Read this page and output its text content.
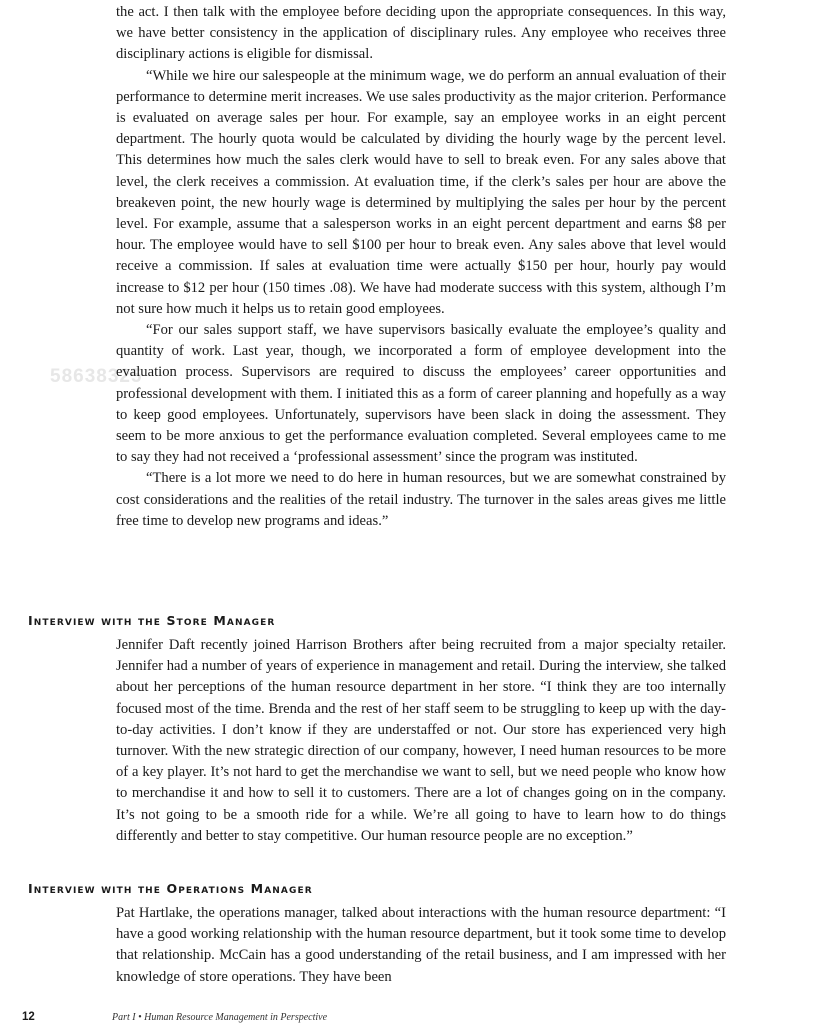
58638325

the act. I then talk with the employee before deciding upon the appropriate consequences. In this way, we have better consistency in the application of disciplinary rules. Any employee who receives three disciplinary actions is eligible for dismissal.

“While we hire our salespeople at the minimum wage, we do perform an annual evaluation of their performance to determine merit increases. We use sales productivity as the major criterion. Performance is evaluated on average sales per hour. For example, say an employee works in an eight percent department. The hourly quota would be calculated by dividing the hourly wage by the percent level. This determines how much the sales clerk would have to sell to break even. For any sales above that level, the clerk receives a commission. At evaluation time, if the clerk’s sales per hour are above the breakeven point, the new hourly wage is determined by multiplying the sales per hour by the percent level. For example, assume that a salesperson works in an eight percent department and earns $8 per hour. The employee would have to sell $100 per hour to break even. Any sales above that level would receive a commission. If sales at evaluation time were actually $150 per hour, hourly pay would increase to $12 per hour (150 times .08). We have had moderate success with this system, although I’m not sure how much it helps us to retain good employees.

“For our sales support staff, we have supervisors basically evaluate the employee’s quality and quantity of work. Last year, though, we incorporated a form of employee development into the evaluation process. Supervisors are required to discuss the employees’ career opportunities and professional development with them. I initiated this as a form of career planning and hopefully as a way to keep good employees. Unfortunately, supervisors have been slack in doing the assessment. They seem to be more anxious to get the performance evaluation completed. Several employees came to me to say they had not received a ‘professional assessment’ since the program was instituted.

“There is a lot more we need to do here in human resources, but we are somewhat constrained by cost considerations and the realities of the retail industry. The turnover in the sales areas gives me little free time to develop new programs and ideas.”

Interview with the Store Manager

Jennifer Daft recently joined Harrison Brothers after being recruited from a major specialty retailer. Jennifer had a number of years of experience in management and retail. During the interview, she talked about her perceptions of the human resource department in her store. “I think they are too internally focused most of the time. Brenda and the rest of her staff seem to be struggling to keep up with the day-to-day activities. I don’t know if they are understaffed or not. Our store has experienced very high turnover. With the new strategic direction of our company, however, I need human resources to be more of a key player. It’s not hard to get the merchandise we want to sell, but we need people who know how to merchandise it and how to sell it to customers. There are a lot of changes going on in the company. It’s not going to be a smooth ride for a while. We’re all going to have to learn how to do things differently and better to stay competitive. Our human resource people are no exception.”

Interview with the Operations Manager

Pat Hartlake, the operations manager, talked about interactions with the human resource department: “I have a good working relationship with the human resource department, but it took some time to develop that relationship. McCain has a good understanding of the retail business, and I am impressed with her knowledge of store operations. They have been

12	Part I • Human Resource Management in Perspective
